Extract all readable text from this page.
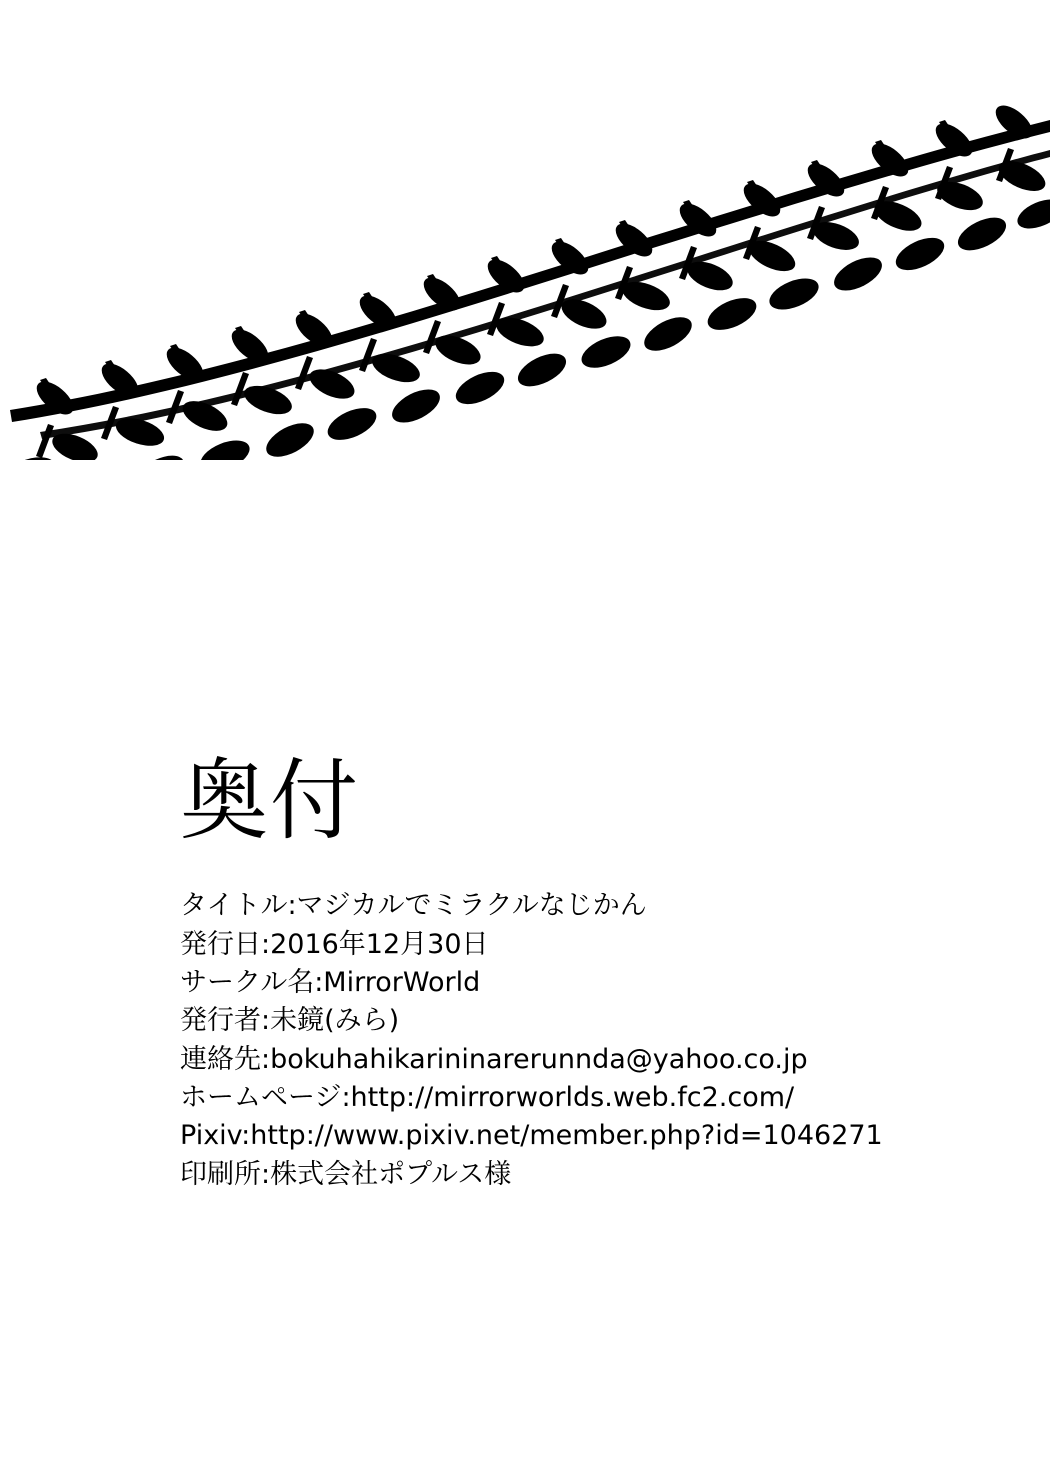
奥付
タイトル:マジカルでミラクルなじかん
発行日:2016年12月30日
サークル名:MirrorWorld
発行者:未鏡(みら)
連絡先:bokuhahikarininarerunnda@yahoo.co.jp
ホームページ:http://mirrorworlds.web.fc2.com/
Pixiv:http://www.pixiv.net/member.php?id=1046271
印刷所:株式会社ポプルス様
